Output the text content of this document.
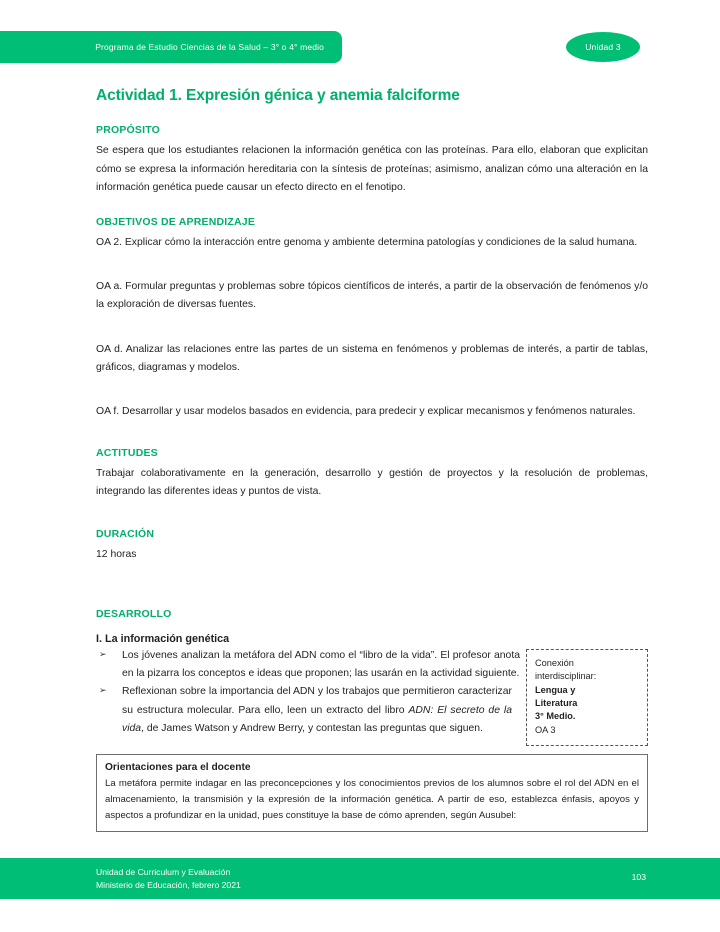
Programa de Estudio Ciencias de la Salud – 3° o 4° medio	Unidad 3
Actividad 1. Expresión génica y anemia falciforme
PROPÓSITO

Se espera que los estudiantes relacionen la información genética con las proteínas. Para ello, elaboran que explicitan cómo se expresa la información hereditaria con la síntesis de proteínas; asimismo, analizan cómo una alteración en la información genética puede causar un efecto directo en el fenotipo.

OBJETIVOS DE APRENDIZAJE

OA 2. Explicar cómo la interacción entre genoma y ambiente determina patologías y condiciones de la salud humana.

OA a. Formular preguntas y problemas sobre tópicos científicos de interés, a partir de la observación de fenómenos y/o la exploración de diversas fuentes.

OA d. Analizar las relaciones entre las partes de un sistema en fenómenos y problemas de interés, a partir de tablas, gráficos, diagramas y modelos.

OA f. Desarrollar y usar modelos basados en evidencia, para predecir y explicar mecanismos y fenómenos naturales.

ACTITUDES

Trabajar colaborativamente en la generación, desarrollo y gestión de proyectos y la resolución de problemas, integrando las diferentes ideas y puntos de vista.

DURACIÓN

12 horas

DESARROLLO
I. La información genética
Conexión
interdisciplinar:
Lengua y
Literatura
3° Medio.
OA 3
➢	Los jóvenes analizan la metáfora del ADN como el “libro de la vida”. El profesor anota en la pizarra los conceptos e ideas que proponen; las usarán en la actividad siguiente.
➢	Reflexionan sobre la importancia del ADN y los trabajos que permitieron caracterizar su estructura molecular. Para ello, leen un extracto del libro ADN: El secreto de la vida, de James Watson y Andrew Berry, y contestan las preguntas que siguen.
Orientaciones para el docente
La metáfora permite indagar en las preconcepciones y los conocimientos previos de los alumnos sobre el rol del ADN en el almacenamiento, la transmisión y la expresión de la información genética. A partir de eso, establezca énfasis, apoyos y aspectos a profundizar en la unidad, pues constituye la base de cómo aprenden, según Ausubel:
Unidad de Curriculum y Evaluación
Ministerio de Educación, febrero 2021
103
